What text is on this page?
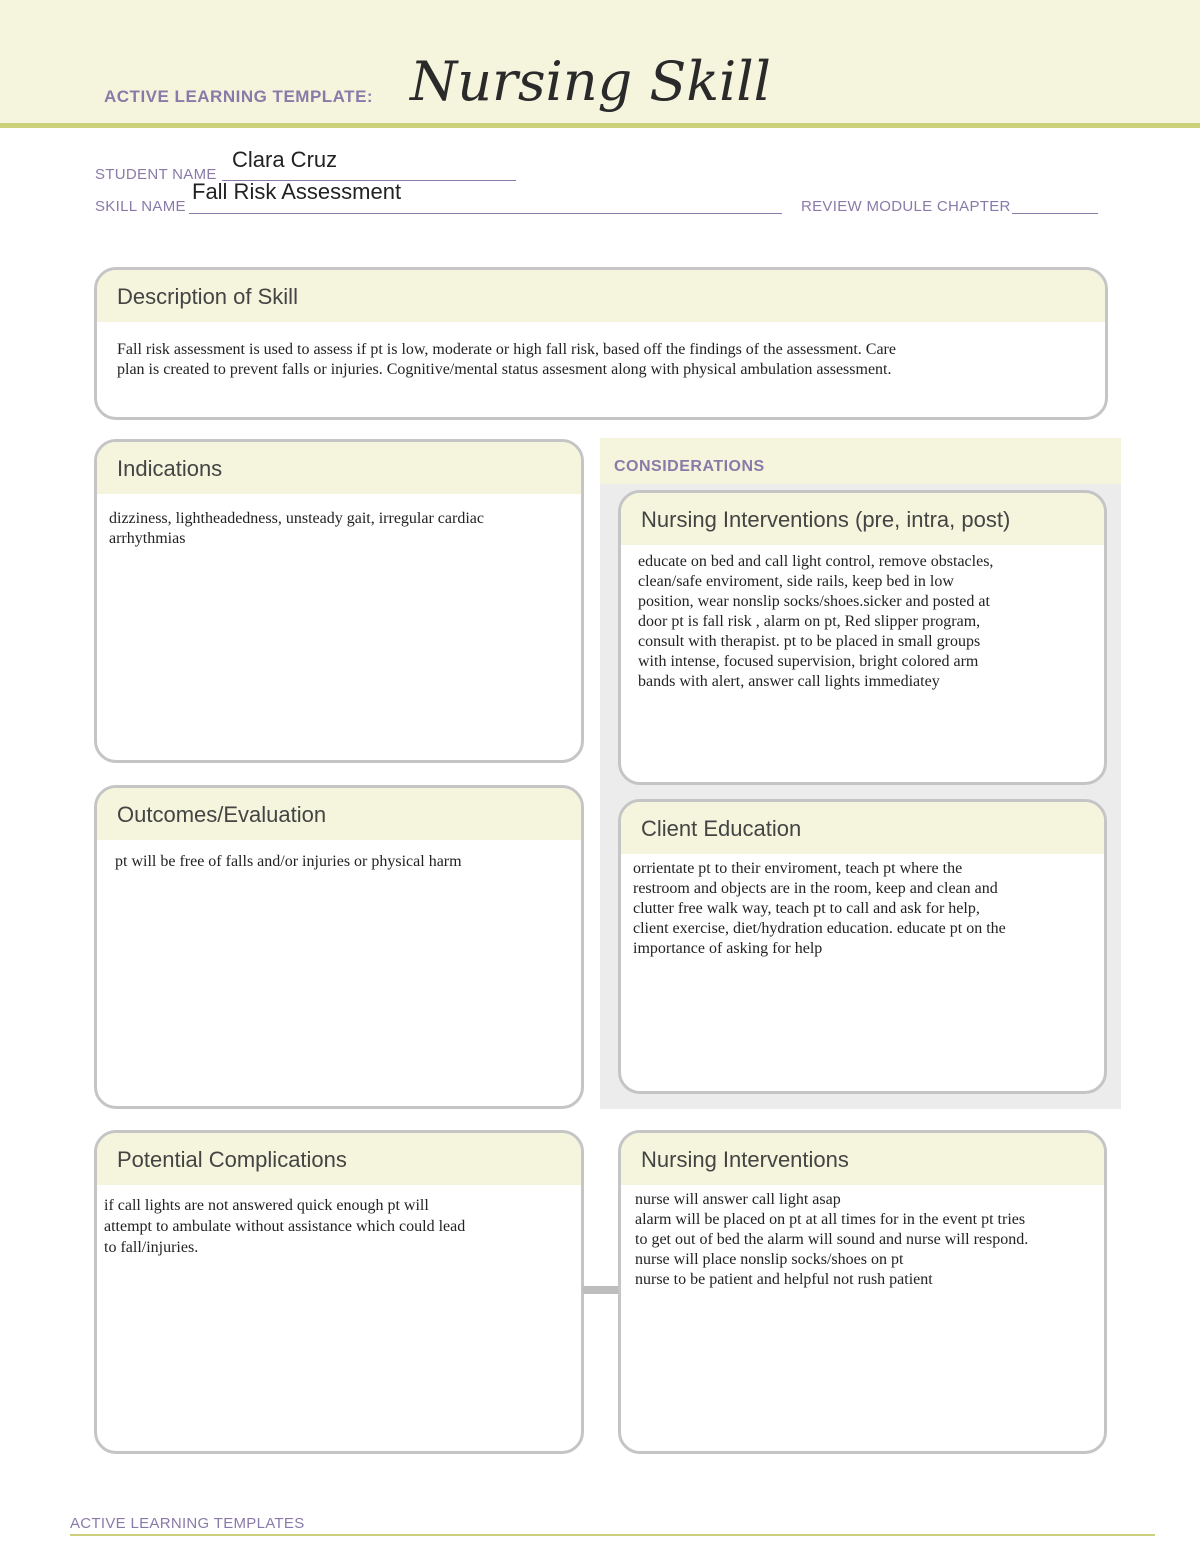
ACTIVE LEARNING TEMPLATE: Nursing Skill
STUDENT NAME
Clara Cruz
SKILL NAME
Fall Risk Assessment
REVIEW MODULE CHAPTER
Description of Skill
Fall risk assessment is used to assess if pt is low, moderate or high fall risk, based off the findings of the assessment. Care
plan is created to prevent falls or injuries. Cognitive/mental status assesment along with physical ambulation assessment.
Indications
dizziness, lightheadedness, unsteady gait, irregular cardiac
arrhythmias
Outcomes/Evaluation
pt will be free of falls and/or injuries or physical harm
CONSIDERATIONS
Nursing Interventions (pre, intra, post)
educate on bed and call light control, remove obstacles,
clean/safe enviroment, side rails, keep bed in low
position, wear nonslip socks/shoes.sicker and posted at
door pt is fall risk , alarm on pt, Red slipper program,
consult with therapist. pt to be placed in small groups
with intense, focused supervision, bright colored arm
bands with alert, answer call lights immediatey
Client Education
orrientate pt to their enviroment, teach pt where the
restroom and objects are in the room, keep and clean and
clutter free walk way, teach pt to call and ask for help,
client exercise, diet/hydration education. educate pt on the
importance of asking for help
Potential Complications
if call lights are not answered quick enough pt will
attempt to ambulate without assistance which could lead
to fall/injuries.
Nursing Interventions
nurse will answer call light asap
alarm will be placed on pt at all times for in the event pt tries
to get out of bed the alarm will sound and nurse will respond.
nurse will place nonslip socks/shoes on pt
nurse to be patient and helpful not rush patient
ACTIVE LEARNING TEMPLATES
